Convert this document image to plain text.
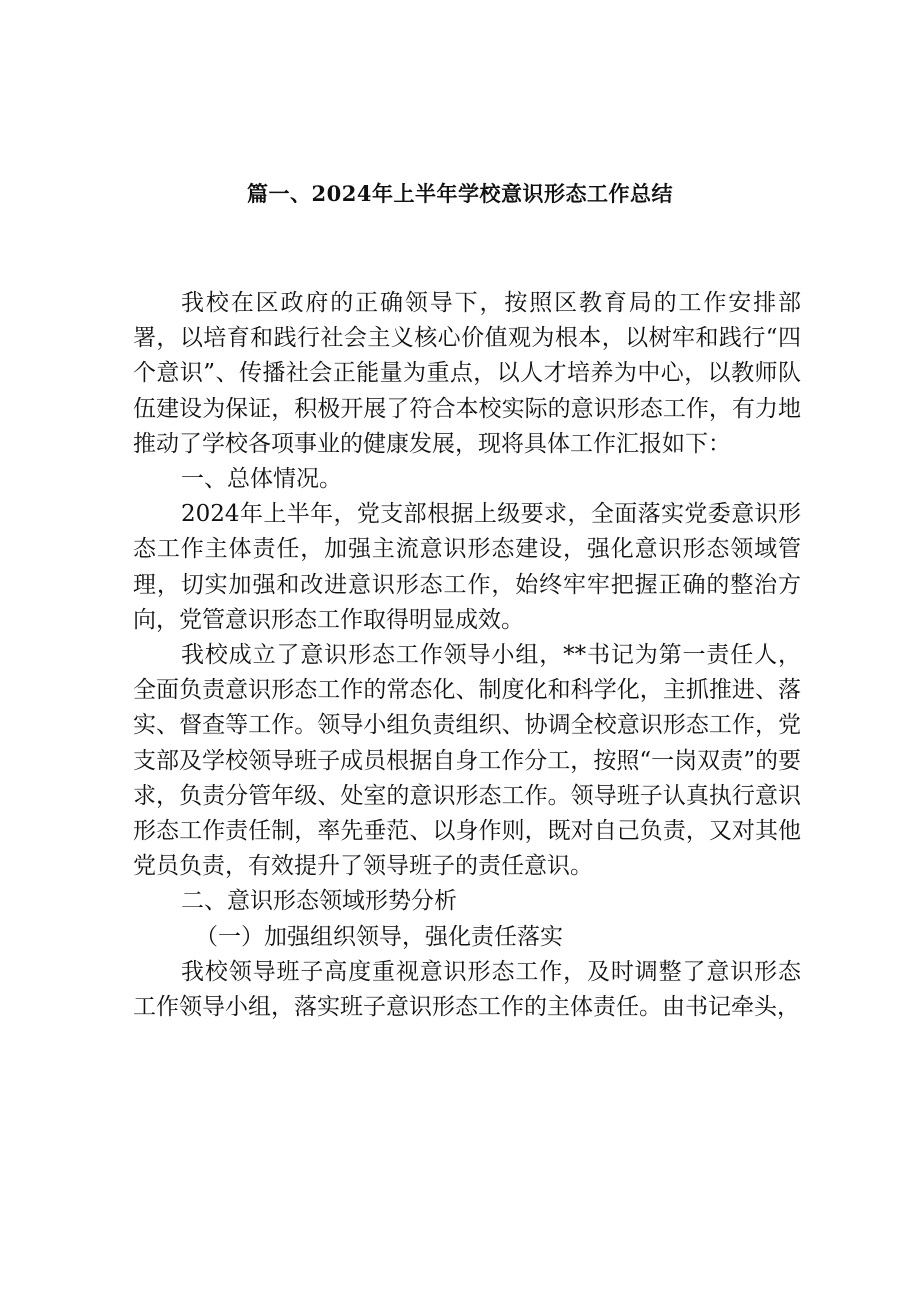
篇一、2024年上半年学校意识形态工作总结

我校在区政府的正确领导下，按照区教育局的工作安排部署，以培育和践行社会主义核心价值观为根本，以树牢和践行“四个意识”、传播社会正能量为重点，以人才培养为中心，以教师队伍建设为保证，积极开展了符合本校实际的意识形态工作，有力地推动了学校各项事业的健康发展，现将具体工作汇报如下：

一、总体情况。

2024年上半年，党支部根据上级要求，全面落实党委意识形态工作主体责任，加强主流意识形态建设，强化意识形态领域管理，切实加强和改进意识形态工作，始终牢牢把握正确的整治方向，党管意识形态工作取得明显成效。

我校成立了意识形态工作领导小组，**书记为第一责任人，全面负责意识形态工作的常态化、制度化和科学化，主抓推进、落实、督查等工作。领导小组负责组织、协调全校意识形态工作，党支部及学校领导班子成员根据自身工作分工，按照“一岗双责”的要求，负责分管年级、处室的意识形态工作。领导班子认真执行意识形态工作责任制，率先垂范、以身作则，既对自己负责，又对其他党员负责，有效提升了领导班子的责任意识。

二、意识形态领域形势分析

（一）加强组织领导，强化责任落实

我校领导班子高度重视意识形态工作，及时调整了意识形态工作领导小组，落实班子意识形态工作的主体责任。由书记牵头，
